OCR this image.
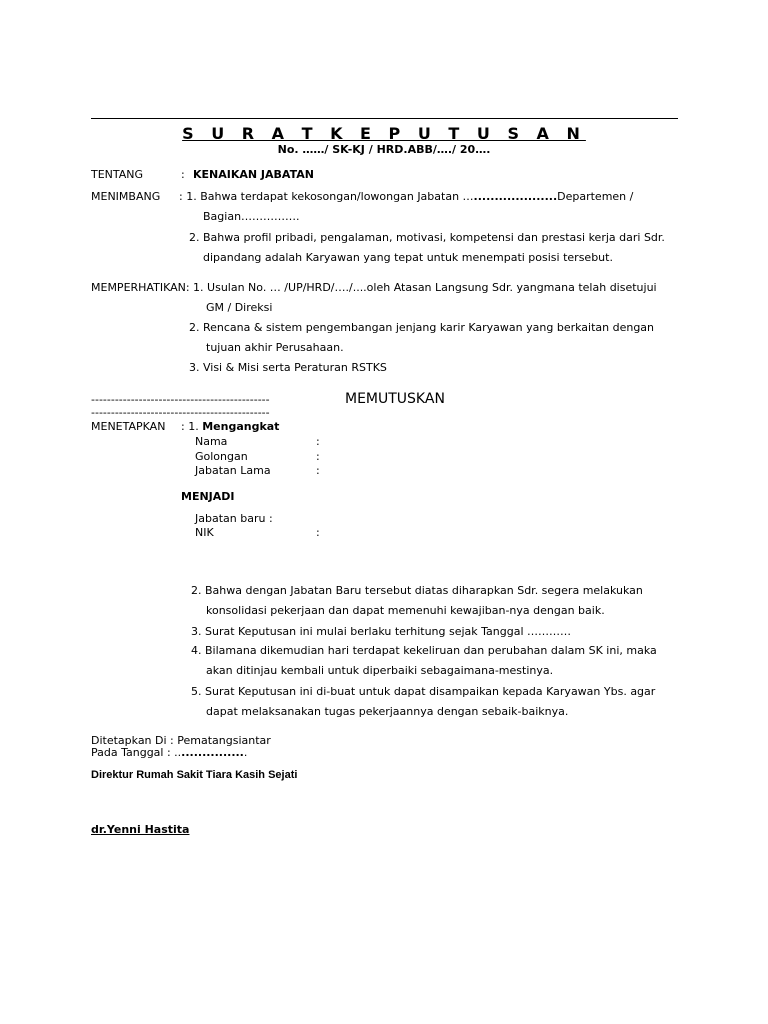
S U R A T K E P U T U S A N
No. ……/ SK-KJ / HRD.ABB/…./ 20….
TENTANG	: KENAIKAN JABATAN
MENIMBANG : 1. Bahwa terdapat kekosongan/lowongan Jabatan …....................Departemen /
Bagian…………….
2. Bahwa profil pribadi, pengalaman, motivasi, kompetensi dan prestasi kerja dari Sdr.
dipandang adalah Karyawan yang tepat untuk menempati posisi tersebut.
MEMPERHATIKAN: 1. Usulan No. … /UP/HRD/…./....oleh Atasan Langsung Sdr. yangmana telah disetujui
GM / Direksi
2. Rencana & sistem pengembangan jenjang karir Karyawan yang berkaitan dengan
tujuan akhir Perusahaan.
3. Visi & Misi serta Peraturan RSTKS
---------------------------------------------	MEMUTUSKAN
---------------------------------------------
MENETAPKAN : 1. Mengangkat
Nama	:
Golongan	:
Jabatan Lama	:
MENJADI
Jabatan baru :
NIK	:
2. Bahwa dengan Jabatan Baru tersebut diatas diharapkan Sdr. segera melakukan
konsolidasi pekerjaan dan dapat memenuhi kewajiban-nya dengan baik.
3. Surat Keputusan ini mulai berlaku terhitung sejak Tanggal …………
4. Bilamana dikemudian hari terdapat kekeliruan dan perubahan dalam SK ini, maka
akan ditinjau kembali untuk diperbaiki sebagaimana-mestinya.
5. Surat Keputusan ini di-buat untuk dapat disampaikan kepada Karyawan Ybs. agar
dapat melaksanakan tugas pekerjaannya dengan sebaik-baiknya.
Ditetapkan Di : Pematangsiantar
Pada Tanggal : ..................
Direktur Rumah Sakit Tiara Kasih Sejati
dr.Yenni Hastita
